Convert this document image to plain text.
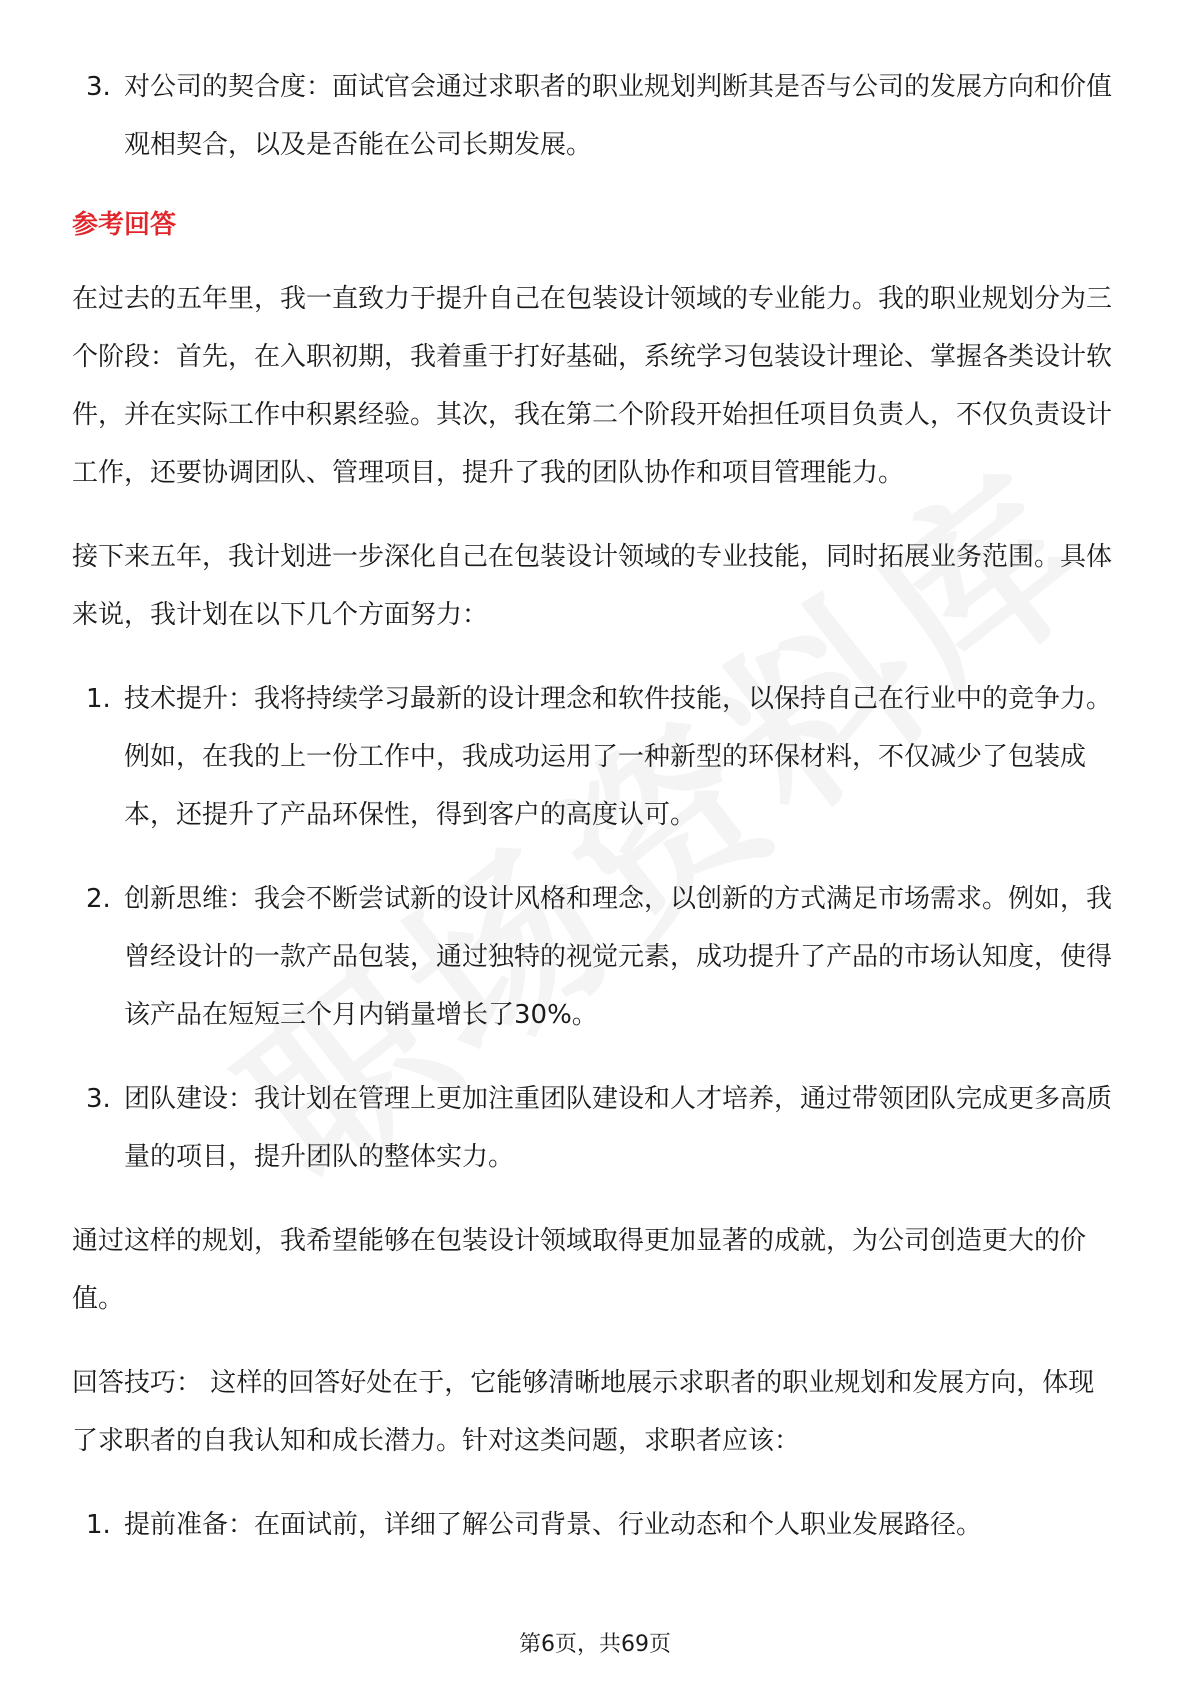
3. 对公司的契合度：面试官会通过求职者的职业规划判断其是否与公司的发展方向和价值观相契合，以及是否能在公司长期发展。
参考回答

在过去的五年里，我一直致力于提升自己在包装设计领域的专业能力。我的职业规划分为三个阶段：首先，在入职初期，我着重于打好基础，系统学习包装设计理论、掌握各类设计软件，并在实际工作中积累经验。其次，我在第二个阶段开始担任项目负责人，不仅负责设计工作，还要协调团队、管理项目，提升了我的团队协作和项目管理能力。

接下来五年，我计划进一步深化自己在包装设计领域的专业技能，同时拓展业务范围。具体来说，我计划在以下几个方面努力：

1. 技术提升：我将持续学习最新的设计理念和软件技能，以保持自己在行业中的竞争力。例如，在我的上一份工作中，我成功运用了一种新型的环保材料，不仅减少了包装成本，还提升了产品环保性，得到客户的高度认可。
2. 创新思维：我会不断尝试新的设计风格和理念，以创新的方式满足市场需求。例如，我曾经设计的一款产品包装，通过独特的视觉元素，成功提升了产品的市场认知度，使得该产品在短短三个月内销量增长了30%。
3. 团队建设：我计划在管理上更加注重团队建设和人才培养，通过带领团队完成更多高质量的项目，提升团队的整体实力。

通过这样的规划，我希望能够在包装设计领域取得更加显著的成就，为公司创造更大的价值。

回答技巧： 这样的回答好处在于，它能够清晰地展示求职者的职业规划和发展方向，体现了求职者的自我认知和成长潜力。针对这类问题，求职者应该：

1. 提前准备：在面试前，详细了解公司背景、行业动态和个人职业发展路径。
第6页，共69页
